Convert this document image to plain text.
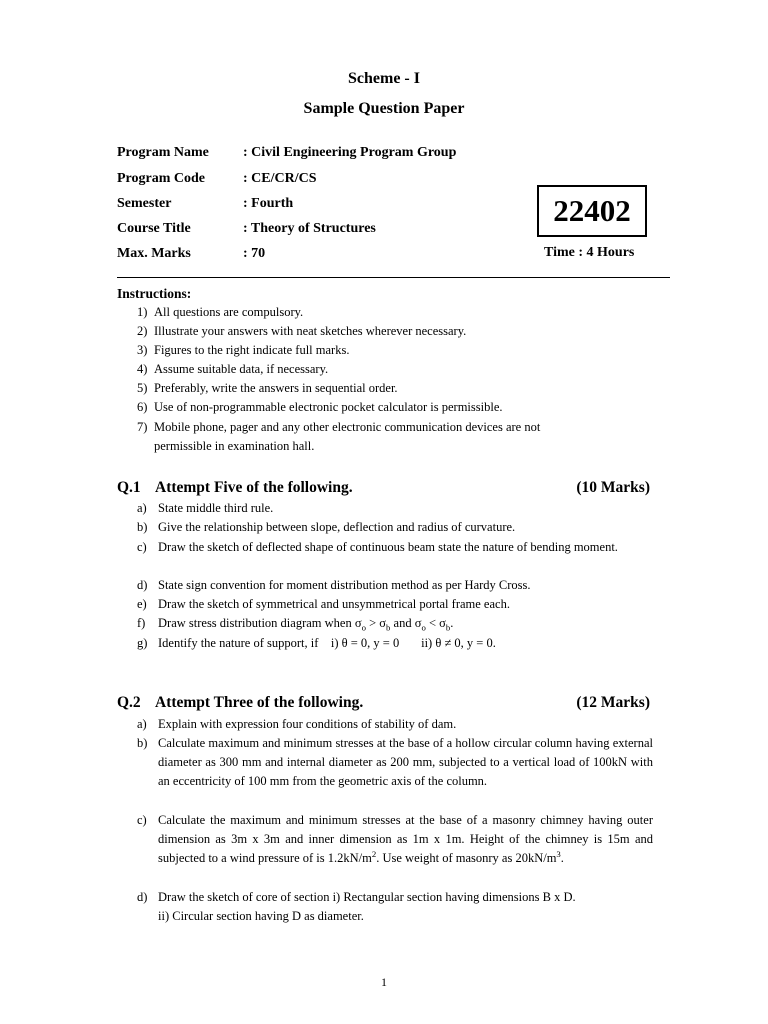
Scheme - I
Sample Question Paper
Program Name	: Civil Engineering Program Group
Program Code	: CE/CR/CS
Semester	: Fourth
Course Title	: Theory of Structures
Max. Marks	: 70
22402
Time : 4 Hours
Instructions:
1) All questions are compulsory.
2) Illustrate your answers with neat sketches wherever necessary.
3) Figures to the right indicate full marks.
4) Assume suitable data, if necessary.
5) Preferably, write the answers in sequential order.
6) Use of non-programmable electronic pocket calculator is permissible.
7) Mobile phone, pager and any other electronic communication devices are not
permissible in examination hall.
Q.1 Attempt Five of the following.	(10 Marks)
a) State middle third rule.
b) Give the relationship between slope, deflection and radius of curvature.
c) Draw the sketch of deflected shape of continuous beam state the nature of bending moment.
d) State sign convention for moment distribution method as per Hardy Cross.
e) Draw the sketch of symmetrical and unsymmetrical portal frame each.
f) Draw stress distribution diagram when $\sigma_o > \sigma_b$ and $\sigma_o < \sigma_b$.
g) Identify the nature of support, if    i) θ = 0, y = 0       ii) θ ≠ 0, y = 0.
Q.2 Attempt Three of the following.	(12 Marks)
a) Explain with expression four conditions of stability of dam.
b) Calculate maximum and minimum stresses at the base of a hollow circular column having external diameter as 300 mm and internal diameter as 200 mm, subjected to a vertical load of 100kN with an eccentricity of 100 mm from the geometric axis of the column.
c) Calculate the maximum and minimum stresses at the base of a masonry chimney having outer dimension as 3m x 3m and inner dimension as 1m x 1m. Height of the chimney is 15m and subjected to a wind pressure of is $1.2kN/m^2$. Use weight of masonry as $20kN/m^3$.
d) Draw the sketch of core of section i) Rectangular section having dimensions B x D.
ii) Circular section having D as diameter.
1
